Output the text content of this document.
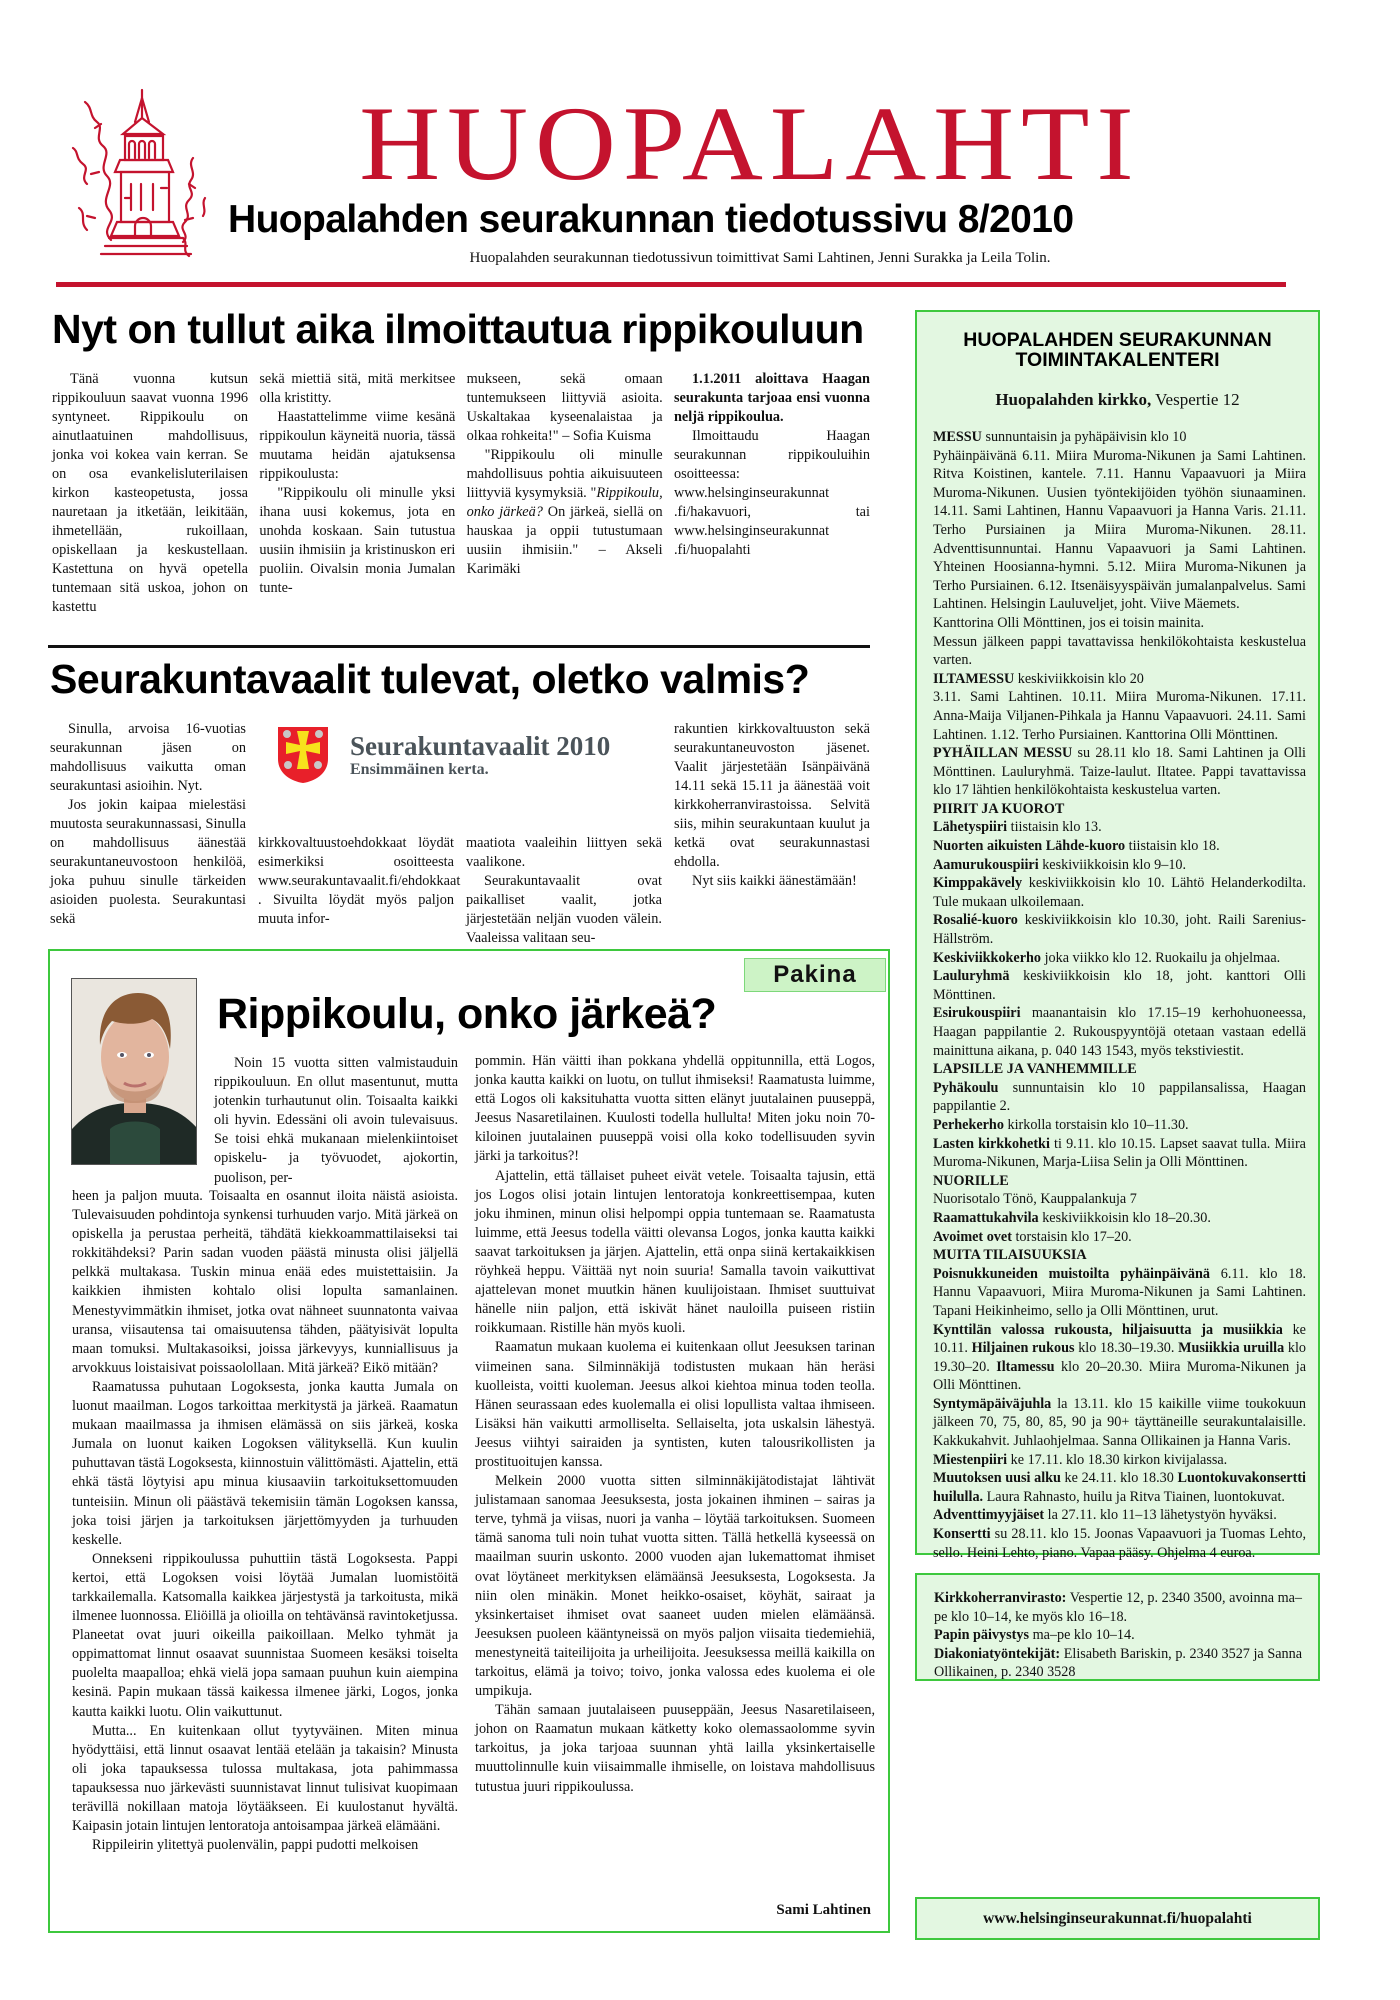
HUOPALAHTI
Huopalahden seurakunnan tiedotussivu 8/2010
Huopalahden seurakunnan tiedotussivun toimittivat Sami Lahtinen, Jenni Surakka ja Leila Tolin.
Nyt on tullut aika ilmoittautua rippikouluun

Tänä vuonna kutsun rippikouluun saavat vuonna 1996 syntyneet. Rippikoulu on ainutlaatuinen mahdollisuus, jonka voi kokea vain kerran. Se on osa evankelisluterilaisen kirkon kasteopetusta, jossa nauretaan ja itketään, leikitään, ihmetellään, rukoillaan, opiskellaan ja keskustellaan. Kastettuna on hyvä opetella tuntemaan sitä uskoa, johon on kastettu

sekä miettiä sitä, mitä merkitsee olla kristitty.

Haastattelimme viime kesänä rippikoulun käyneitä nuoria, tässä muutama heidän ajatuksensa rippikoulusta:

"Rippikoulu oli minulle yksi ihana uusi kokemus, jota en unohda koskaan. Sain tutustua uusiin ihmisiin ja kristinuskon eri puoliin. Oivalsin monia Jumalan tunte-

mukseen, sekä omaan tuntemukseen liittyviä asioita. Uskaltakaa kyseenalaistaa ja olkaa rohkeita!" – Sofia Kuisma

"Rippikoulu oli minulle mahdollisuus pohtia aikuisuuteen liittyviä kysymyksiä. "Rippikoulu, onko järkeä? On järkeä, siellä on hauskaa ja oppii tutustumaan uusiin ihmisiin." – Akseli Karimäki

1.1.2011 aloittava Haagan seurakunta tarjoaa ensi vuonna neljä rippikoulua.

Ilmoittaudu Haagan seurakunnan rippikouluihin osoitteessa:

www.helsinginseurakunnat .fi/hakavuori, tai www.helsinginseurakunnat .fi/huopalahti

Seurakuntavaalit tulevat, oletko valmis?
Seurakuntavaalit 2010
Ensimmäinen kerta.

Sinulla, arvoisa 16-vuotias seurakunnan jäsen on mahdollisuus vaikutta oman seurakuntasi asioihin. Nyt.

Jos jokin kaipaa mielestäsi muutosta seurakunnassasi, Sinulla on mahdollisuus äänestää seurakuntaneuvostoon henkilöä, joka puhuu sinulle tärkeiden asioiden puolesta. Seurakuntasi sekä

kirkkovaltuustoehdokkaat löydät esimerkiksi osoitteesta www.seurakuntavaalit.fi/ehdokkaat . Sivuilta löydät myös paljon muuta infor-

maatiota vaaleihin liittyen sekä vaalikone.

Seurakuntavaalit ovat paikalliset vaalit, jotka järjestetään neljän vuoden välein. Vaaleissa valitaan seu-

rakuntien kirkkovaltuuston sekä seurakuntaneuvoston jäsenet. Vaalit järjestetään Isänpäivänä 14.11 sekä 15.11 ja äänestää voit kirkkoherranvirastoissa. Selvitä siis, mihin seurakuntaan kuulut ja ketkä ovat seurakunnastasi ehdolla.

Nyt siis kaikki äänestämään!

Pakina
Rippikoulu, onko järkeä?

Noin 15 vuotta sitten valmistauduin rippikouluun. En ollut masentunut, mutta jotenkin turhautunut olin. Toisaalta kaikki oli hyvin. Edessäni oli avoin tulevaisuus. Se toisi ehkä mukanaan mielenkiintoiset opiskelu- ja työvuodet, ajokortin, puolison, per-

heen ja paljon muuta. Toisaalta en osannut iloita näistä asioista. Tulevaisuuden pohdintoja synkensi turhuuden varjo. Mitä järkeä on opiskella ja perustaa perheitä, tähdätä kiekkoammattilaiseksi tai rokkitähdeksi? Parin sadan vuoden päästä minusta olisi jäljellä pelkkä multakasa. Tuskin minua enää edes muistettaisiin. Ja kaikkien ihmisten kohtalo olisi lopulta samanlainen. Menestyvimmätkin ihmiset, jotka ovat nähneet suunnatonta vaivaa uransa, viisautensa tai omaisuutensa tähden, päätyisivät lopulta maan tomuksi. Multakasoiksi, joissa järkevyys, kunniallisuus ja arvokkuus loistaisivat poissaolollaan. Mitä järkeä? Eikö mitään?

Raamatussa puhutaan Logoksesta, jonka kautta Jumala on luonut maailman. Logos tarkoittaa merkitystä ja järkeä. Raamatun mukaan maailmassa ja ihmisen elämässä on siis järkeä, koska Jumala on luonut kaiken Logoksen välityksellä. Kun kuulin puhuttavan tästä Logoksesta, kiinnostuin välittömästi. Ajattelin, että ehkä tästä löytyisi apu minua kiusaaviin tarkoituksettomuuden tunteisiin. Minun oli päästävä tekemisiin tämän Logoksen kanssa, joka toisi järjen ja tarkoituksen järjettömyyden ja turhuuden keskelle.

Onnekseni rippikoulussa puhuttiin tästä Logoksesta. Pappi kertoi, että Logoksen voisi löytää Jumalan luomistöitä tarkkailemalla. Katsomalla kaikkea järjestystä ja tarkoitusta, mikä ilmenee luonnossa. Eliöillä ja olioilla on tehtävänsä ravintoketjussa. Planeetat ovat juuri oikeilla paikoillaan. Melko tyhmät ja oppimattomat linnut osaavat suunnistaa Suomeen kesäksi toiselta puolelta maapalloa; ehkä vielä jopa samaan puuhun kuin aiempina kesinä. Papin mukaan tässä kaikessa ilmenee järki, Logos, jonka kautta kaikki luotu. Olin vaikuttunut.

Mutta... En kuitenkaan ollut tyytyväinen. Miten minua hyödyttäisi, että linnut osaavat lentää etelään ja takaisin? Minusta oli joka tapauksessa tulossa multakasa, jota pahimmassa tapauksessa nuo järkevästi suunnistavat linnut tulisivat kuopimaan terävillä nokillaan matoja löytääkseen. Ei kuulostanut hyvältä. Kaipasin jotain lintujen lentoratoja antoisampaa järkeä elämääni.

Rippileirin ylitettyä puolenvälin, pappi pudotti melkoisen

pommin. Hän väitti ihan pokkana yhdellä oppitunnilla, että Logos, jonka kautta kaikki on luotu, on tullut ihmiseksi! Raamatusta luimme, että Logos oli kaksituhatta vuotta sitten elänyt juutalainen puuseppä, Jeesus Nasaretilainen. Kuulosti todella hullulta! Miten joku noin 70-kiloinen juutalainen puuseppä voisi olla koko todellisuuden syvin järki ja tarkoitus?!

Ajattelin, että tällaiset puheet eivät vetele. Toisaalta tajusin, että jos Logos olisi jotain lintujen lentoratoja konkreettisempaa, kuten joku ihminen, minun olisi helpompi oppia tuntemaan se. Raamatusta luimme, että Jeesus todella väitti olevansa Logos, jonka kautta kaikki saavat tarkoituksen ja järjen. Ajattelin, että onpa siinä kertakaikkisen röyhkeä heppu. Väittää nyt noin suuria! Samalla tavoin vaikuttivat ajattelevan monet muutkin hänen kuulijoistaan. Ihmiset suuttuivat hänelle niin paljon, että iskivät hänet nauloilla puiseen ristiin roikkumaan. Ristille hän myös kuoli.

Raamatun mukaan kuolema ei kuitenkaan ollut Jeesuksen tarinan viimeinen sana. Silminnäkijä todistusten mukaan hän heräsi kuolleista, voitti kuoleman. Jeesus alkoi kiehtoa minua toden teolla. Hänen seurassaan edes kuolemalla ei olisi lopullista valtaa ihmiseen. Lisäksi hän vaikutti armolliselta. Sellaiselta, jota uskalsin lähestyä. Jeesus viihtyi sairaiden ja syntisten, kuten talousrikollisten ja prostituoitujen kanssa.

Melkein 2000 vuotta sitten silminnäkijätodistajat lähtivät julistamaan sanomaa Jeesuksesta, josta jokainen ihminen – sairas ja terve, tyhmä ja viisas, nuori ja vanha – löytää tarkoituksen. Suomeen tämä sanoma tuli noin tuhat vuotta sitten. Tällä hetkellä kyseessä on maailman suurin uskonto. 2000 vuoden ajan lukemattomat ihmiset ovat löytäneet merkityksen elämäänsä Jeesuksesta, Logoksesta. Ja niin olen minäkin. Monet heikko-osaiset, köyhät, sairaat ja yksinkertaiset ihmiset ovat saaneet uuden mielen elämäänsä. Jeesuksen puoleen kääntyneissä on myös paljon viisaita tiedemiehiä, menestyneitä taiteilijoita ja urheilijoita. Jeesuksessa meillä kaikilla on tarkoitus, elämä ja toivo; toivo, jonka valossa edes kuolema ei ole umpikuja.

Tähän samaan juutalaiseen puuseppään, Jeesus Nasaretilaiseen, johon on Raamatun mukaan kätketty koko olemassaolomme syvin tarkoitus, ja joka tarjoaa suunnan yhtä lailla yksinkertaiselle muuttolinnulle kuin viisaimmalle ihmiselle, on loistava mahdollisuus tutustua juuri rippikoulussa.

Sami Lahtinen
HUOPALAHDEN SEURAKUNNAN
TOIMINTAKALENTERI
Huopalahden kirkko, Vespertie 12
MESSU sunnuntaisin ja pyhäpäivisin klo 10
Pyhäinpäivänä 6.11. Miira Muroma-Nikunen ja Sami Lahtinen. Ritva Koistinen, kantele. 7.11. Hannu Vapaavuori ja Miira Muroma-Nikunen. Uusien työntekijöiden työhön siunaaminen. 14.11. Sami Lahtinen, Hannu Vapaavuori ja Hanna Varis. 21.11. Terho Pursiainen ja Miira Muroma-Nikunen. 28.11. Adventtisunnuntai. Hannu Vapaavuori ja Sami Lahtinen. Yhteinen Hoosianna-hymni. 5.12. Miira Muroma-Nikunen ja Terho Pursiainen. 6.12. Itsenäisyyspäivän jumalanpalvelus. Sami Lahtinen. Helsingin Lauluveljet, joht. Viive Mäemets.
Kanttorina Olli Mönttinen, jos ei toisin mainita.
Messun jälkeen pappi tavattavissa henkilökohtaista keskustelua varten.
ILTAMESSU keskiviikkoisin klo 20
3.11. Sami Lahtinen. 10.11. Miira Muroma-Nikunen. 17.11. Anna-Maija Viljanen-Pihkala ja Hannu Vapaavuori. 24.11. Sami Lahtinen. 1.12. Terho Pursiainen. Kanttorina Olli Mönttinen.
PYHÄILLAN MESSU su 28.11 klo 18. Sami Lahtinen ja Olli Mönttinen. Lauluryhmä. Taize-laulut. Iltatee. Pappi tavattavissa klo 17 lähtien henkilökohtaista keskustelua varten.
PIIRIT JA KUOROT
Lähetyspiiri tiistaisin klo 13.
Nuorten aikuisten Lähde-kuoro tiistaisin klo 18.
Aamurukouspiiri keskiviikkoisin klo 9–10.
Kimppakävely keskiviikkoisin klo 10. Lähtö Helanderkodilta. Tule mukaan ulkoilemaan.
Rosalié-kuoro keskiviikkoisin klo 10.30, joht. Raili Sarenius-Hällström.
Keskiviikkokerho joka viikko klo 12. Ruokailu ja ohjelmaa.
Lauluryhmä keskiviikkoisin klo 18, joht. kanttori Olli Mönttinen.
Esirukouspiiri maanantaisin klo 17.15–19 kerhohuoneessa, Haagan pappilantie 2. Rukouspyyntöjä otetaan vastaan edellä mainittuna aikana, p. 040 143 1543, myös tekstiviestit.
LAPSILLE JA VANHEMMILLE
Pyhäkoulu sunnuntaisin klo 10 pappilansalissa, Haagan pappilantie 2.
Perhekerho kirkolla torstaisin klo 10–11.30.
Lasten kirkkohetki ti 9.11. klo 10.15. Lapset saavat tulla. Miira Muroma-Nikunen, Marja-Liisa Selin ja Olli Mönttinen.
NUORILLE
Nuorisotalo Tönö, Kauppalankuja 7
Raamattukahvila keskiviikkoisin klo 18–20.30.
Avoimet ovet torstaisin klo 17–20.
MUITA TILAISUUKSIA
Poisnukkuneiden muistoilta pyhäinpäivänä 6.11. klo 18. Hannu Vapaavuori, Miira Muroma-Nikunen ja Sami Lahtinen. Tapani Heikinheimo, sello ja Olli Mönttinen, urut.
Kynttilän valossa rukousta, hiljaisuutta ja musiikkia ke 10.11. Hiljainen rukous klo 18.30–19.30. Musiikkia uruilla klo 19.30–20. Iltamessu klo 20–20.30. Miira Muroma-Nikunen ja Olli Mönttinen.
Syntymäpäiväjuhla la 13.11. klo 15 kaikille viime toukokuun jälkeen 70, 75, 80, 85, 90 ja 90+ täyttäneille seurakuntalaisille. Kakkukahvit. Juhlaohjelmaa. Sanna Ollikainen ja Hanna Varis.
Miestenpiiri ke 17.11. klo 18.30 kirkon kivijalassa.
Muutoksen uusi alku ke 24.11. klo 18.30 Luontokuvakonsertti huilulla. Laura Rahnasto, huilu ja Ritva Tiainen, luontokuvat.
Adventtimyyjäiset la 27.11. klo 11–13 lähetystyön hyväksi.
Konsertti su 28.11. klo 15. Joonas Vapaavuori ja Tuomas Lehto, sello. Heini Lehto, piano. Vapaa pääsy. Ohjelma 4 euroa.
Kirkkoherranvirasto: Vespertie 12, p. 2340 3500, avoinna ma–pe klo 10–14, ke myös klo 16–18.
Papin päivystys ma–pe klo 10–14.
Diakoniatyöntekijät: Elisabeth Bariskin, p. 2340 3527 ja Sanna Ollikainen, p. 2340 3528
www.helsinginseurakunnat.fi/huopalahti
